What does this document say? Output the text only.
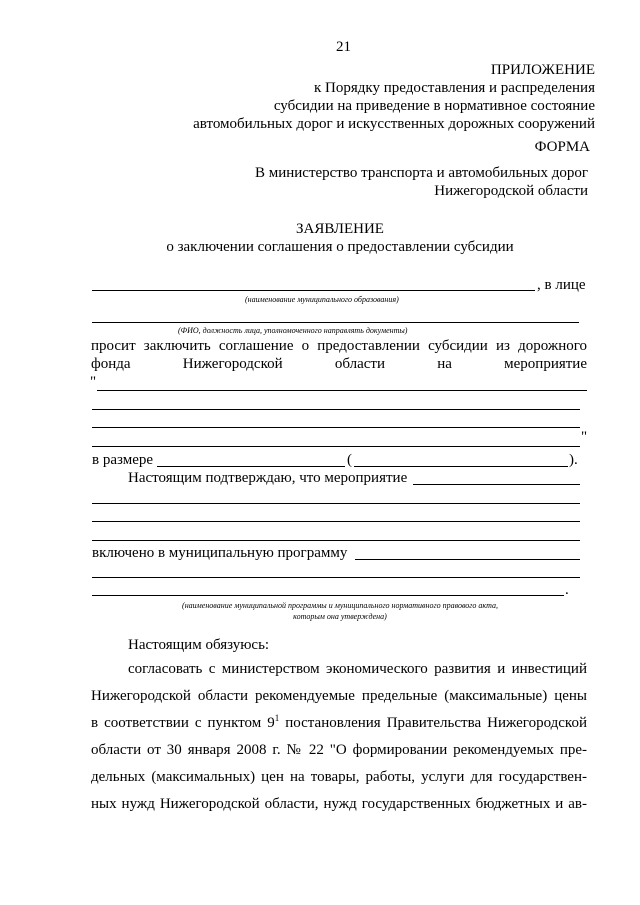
21
ПРИЛОЖЕНИЕ
к Порядку предоставления и распределения
субсидии на приведение в нормативное состояние
автомобильных дорог и искусственных дорожных сооружений
ФОРМА
В министерство транспорта и автомобильных дорог
Нижегородской области
ЗАЯВЛЕНИЕ
о заключении соглашения о предоставлении субсидии
, в лице
(наименование муниципального образования)
(ФИО, должность лица, уполномоченного направлять документы)
просит заключить соглашение о предоставлении субсидии из дорожного
фонда	Нижегородской	области	на	мероприятие
"
"
в размере	(	).
Настоящим подтверждаю, что мероприятие
включено в муниципальную программу
.
(наименование муниципальной программы и муниципального нормативного правового акта,
которым она утверждена)
Настоящим обязуюсь:
согласовать с министерством экономического развития и инвестиций
Нижегородской области рекомендуемые предельные (максимальные) цены
в соответствии с пунктом $9^1$ постановления Правительства Нижегородской
области от 30 января 2008 г. № 22 "О формировании рекомендуемых пре-
дельных (максимальных) цен на товары, работы, услуги для государствен-
ных нужд Нижегородской области, нужд государственных бюджетных и ав-
